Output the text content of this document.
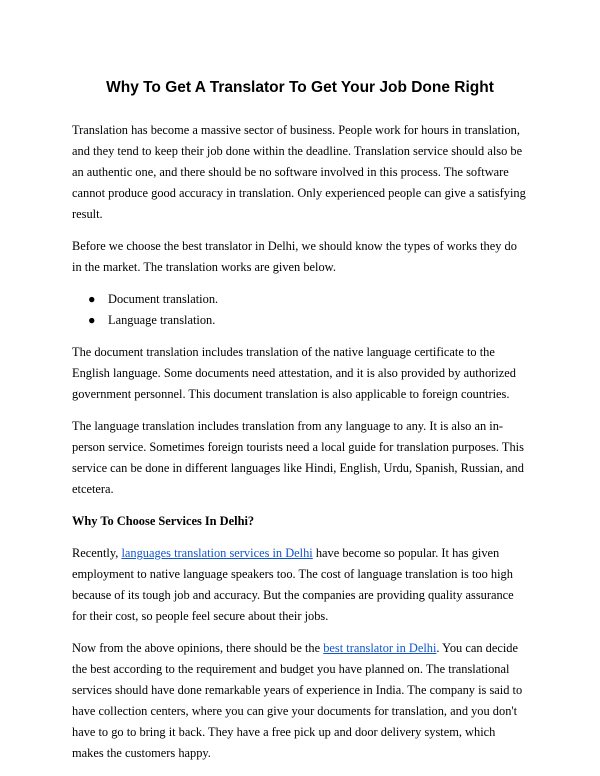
Why To Get A Translator To Get Your Job Done Right

Translation has become a massive sector of business. People work for hours in translation, and they tend to keep their job done within the deadline. Translation service should also be an authentic one, and there should be no software involved in this process. The software cannot produce good accuracy in translation. Only experienced people can give a satisfying result.

Before we choose the best translator in Delhi, we should know the types of works they do in the market. The translation works are given below.

● Document translation.
● Language translation.

The document translation includes translation of the native language certificate to the English language. Some documents need attestation, and it is also provided by authorized government personnel. This document translation is also applicable to foreign countries.

The language translation includes translation from any language to any. It is also an in-person service. Sometimes foreign tourists need a local guide for translation purposes. This service can be done in different languages like Hindi, English, Urdu, Spanish, Russian, and etcetera.

Why To Choose Services In Delhi?

Recently, languages translation services in Delhi have become so popular. It has given employment to native language speakers too. The cost of language translation is too high because of its tough job and accuracy. But the companies are providing quality assurance for their cost, so people feel secure about their jobs.

Now from the above opinions, there should be the best translator in Delhi. You can decide the best according to the requirement and budget you have planned on. The translational services should have done remarkable years of experience in India. The company is said to have collection centers, where you can give your documents for translation, and you don't have to go to bring it back. They have a free pick up and door delivery system, which makes the customers happy.
